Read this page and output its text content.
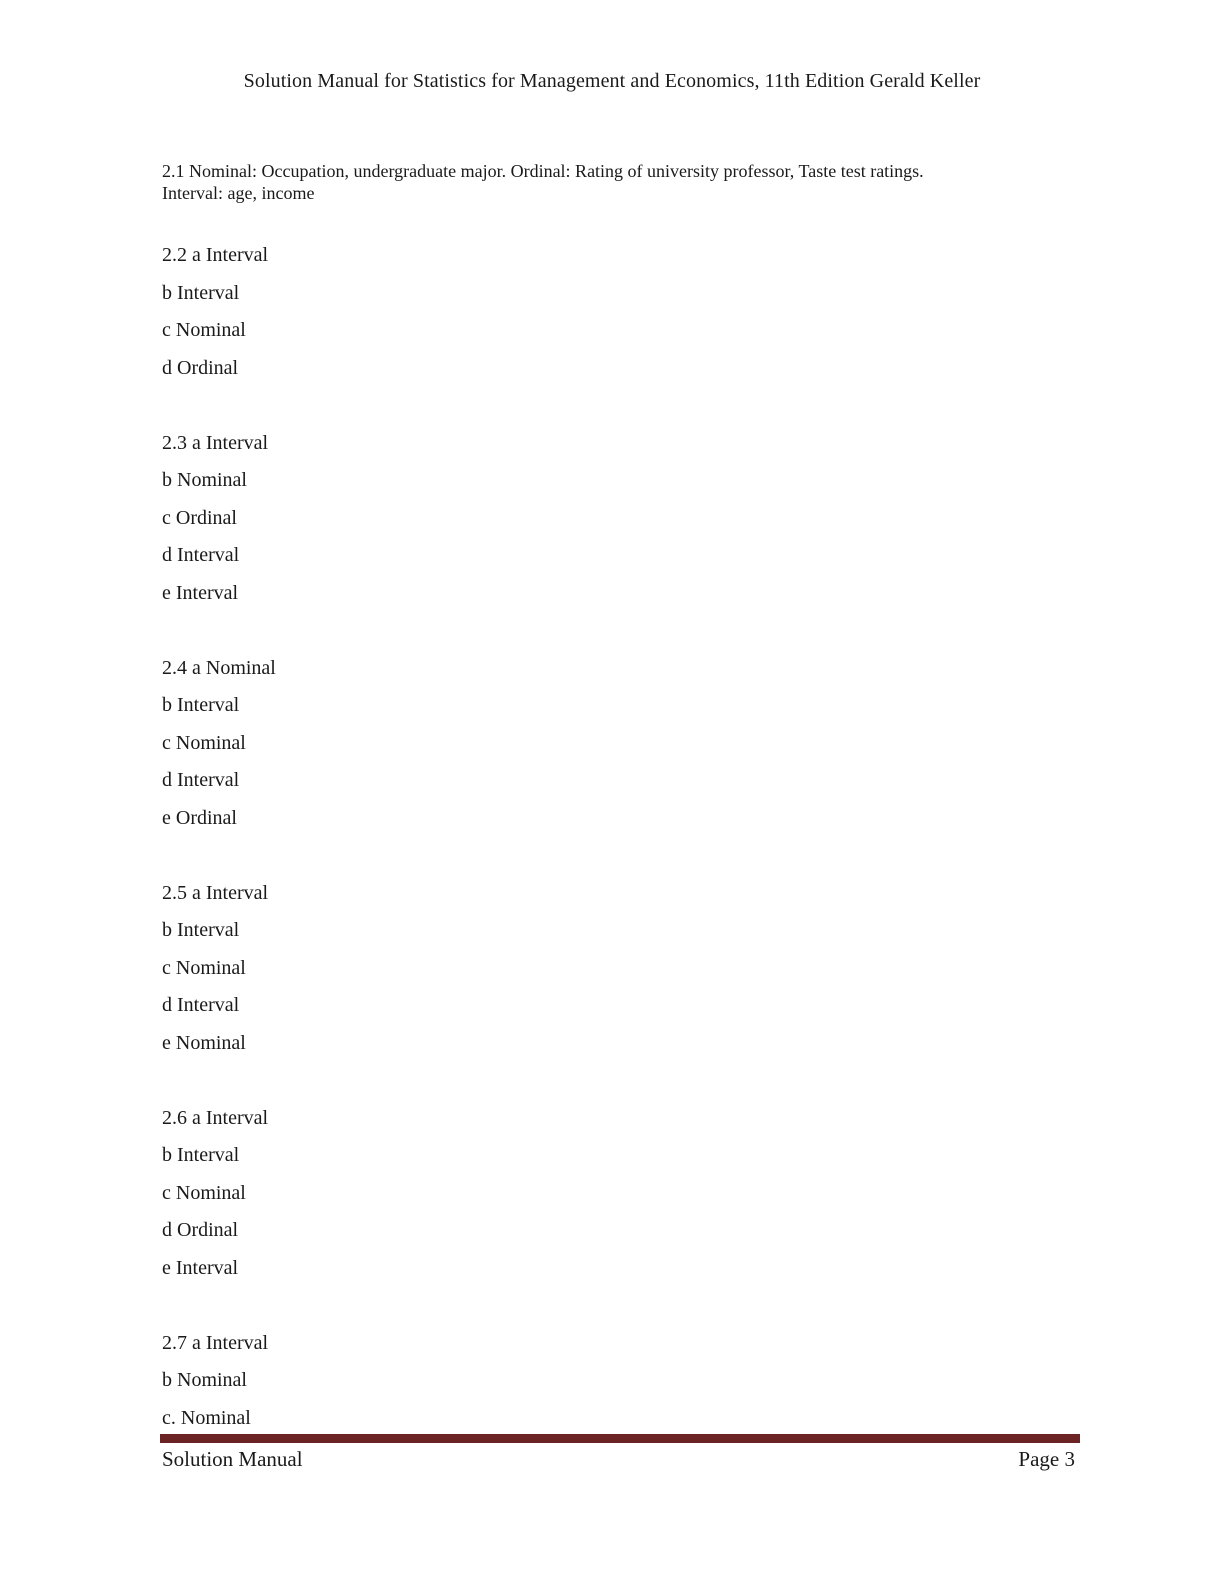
Solution Manual for Statistics for Management and Economics, 11th Edition Gerald Keller
2.1 Nominal: Occupation, undergraduate major. Ordinal: Rating of university professor, Taste test ratings.
Interval: age, income
2.2 a Interval
b Interval
c Nominal
d Ordinal
2.3 a Interval
b Nominal
c Ordinal
d Interval
e Interval
2.4 a Nominal
b Interval
c Nominal
d Interval
e Ordinal
2.5 a Interval
b Interval
c Nominal
d Interval
e Nominal
2.6 a Interval
b Interval
c Nominal
d Ordinal
e Interval
2.7 a Interval
b Nominal
c. Nominal
Solution Manual	Page 3
